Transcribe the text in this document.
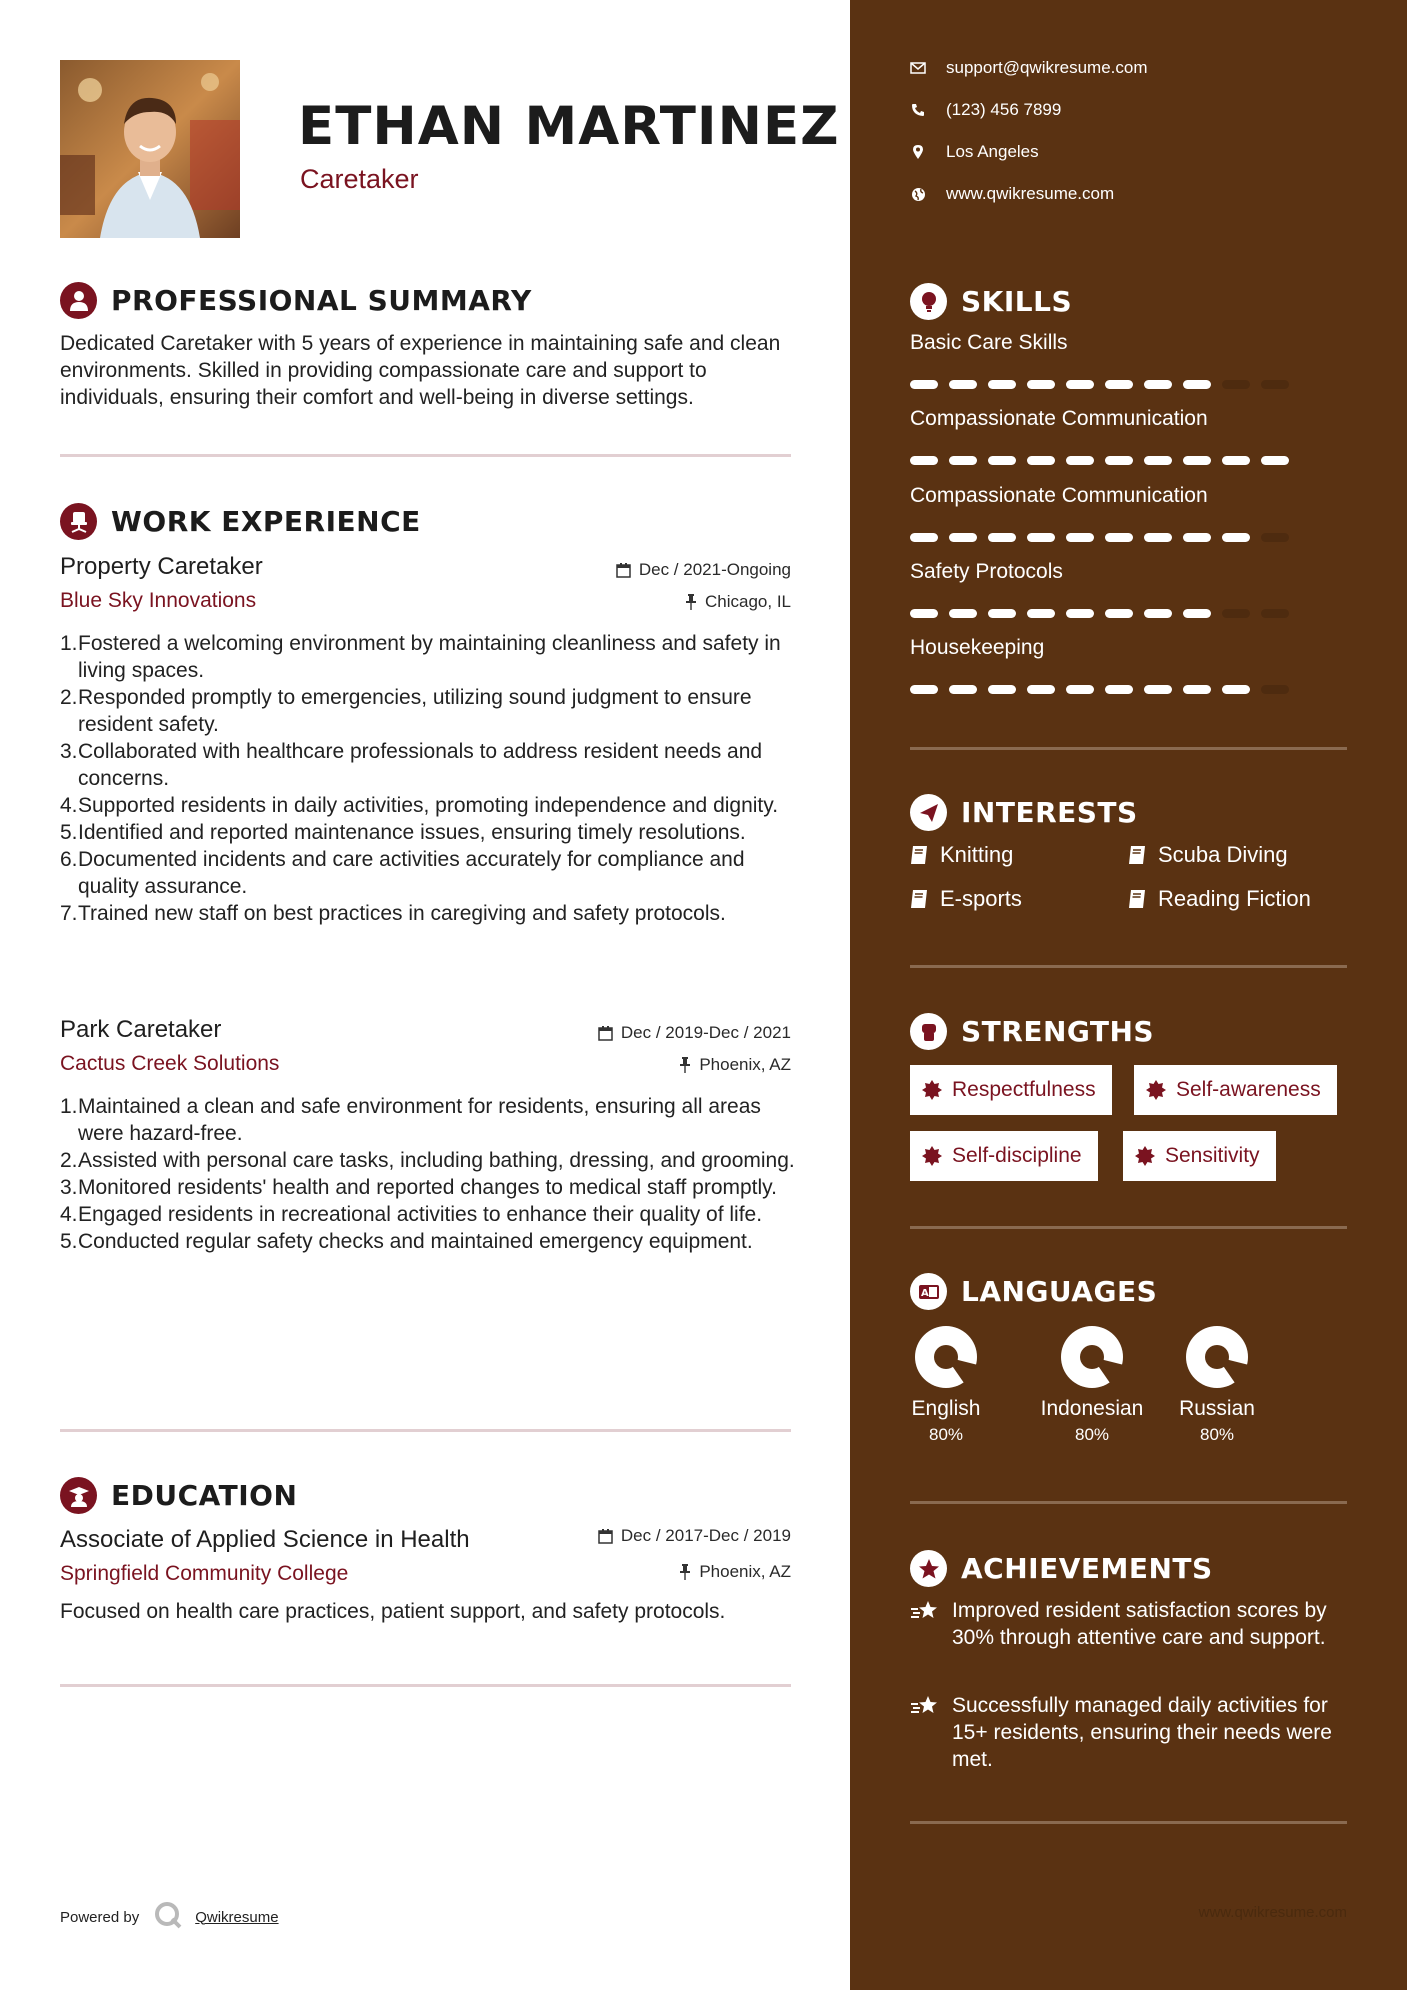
ETHAN MARTINEZ
Caretaker
PROFESSIONAL SUMMARY
Dedicated Caretaker with 5 years of experience in maintaining safe and clean environments. Skilled in providing compassionate care and support to individuals, ensuring their comfort and well-being in diverse settings.
WORK EXPERIENCE
Property Caretaker	Dec / 2021-Ongoing
Blue Sky Innovations	Chicago, IL
1. Fostered a welcoming environment by maintaining cleanliness and safety in living spaces.
2. Responded promptly to emergencies, utilizing sound judgment to ensure resident safety.
3. Collaborated with healthcare professionals to address resident needs and concerns.
4. Supported residents in daily activities, promoting independence and dignity.
5. Identified and reported maintenance issues, ensuring timely resolutions.
6. Documented incidents and care activities accurately for compliance and quality assurance.
7. Trained new staff on best practices in caregiving and safety protocols.
Park Caretaker	Dec / 2019-Dec / 2021
Cactus Creek Solutions	Phoenix, AZ
1. Maintained a clean and safe environment for residents, ensuring all areas were hazard-free.
2. Assisted with personal care tasks, including bathing, dressing, and grooming.
3. Monitored residents' health and reported changes to medical staff promptly.
4. Engaged residents in recreational activities to enhance their quality of life.
5. Conducted regular safety checks and maintained emergency equipment.
EDUCATION
Associate of Applied Science in Health	Dec / 2017-Dec / 2019
Springfield Community College	Phoenix, AZ
Focused on health care practices, patient support, and safety protocols.
Powered by	Qwikresume
support@qwikresume.com
(123) 456 7899
Los Angeles
www.qwikresume.com
SKILLS
Basic Care Skills
Compassionate Communication
Compassionate Communication
Safety Protocols
Housekeeping
INTERESTS
Knitting	Scuba Diving
E-sports	Reading Fiction
STRENGTHS
Respectfulness	Self-awareness
Self-discipline	Sensitivity
A LANGUAGES
English
80%
Indonesian
80%
Russian
80%
ACHIEVEMENTS
Improved resident satisfaction scores by 30% through attentive care and support.
Successfully managed daily activities for 15+ residents, ensuring their needs were met.
www.qwikresume.com
